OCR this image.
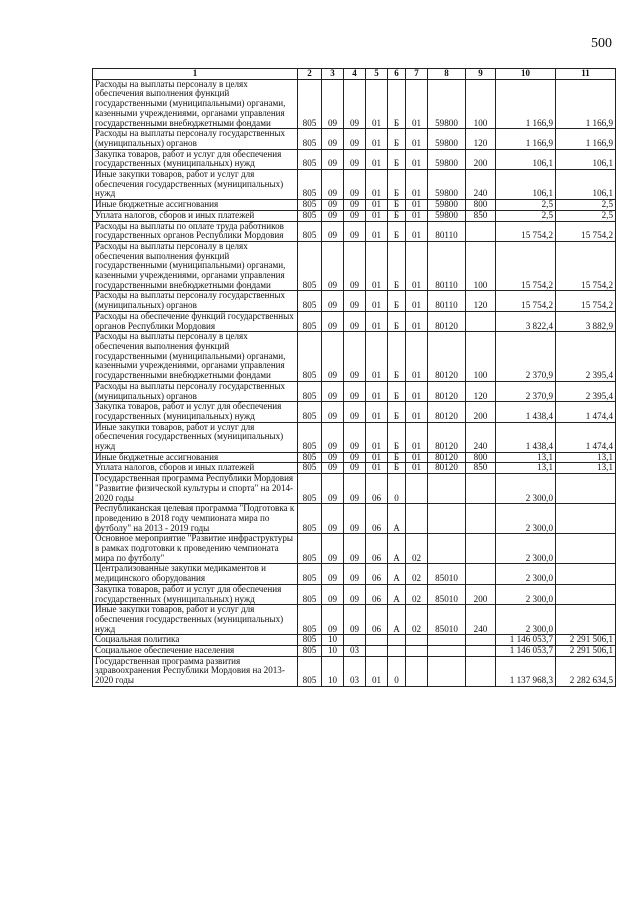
500
1	2	3	4	5	6	7	8	9	10	11
Расходы на выплаты персоналу в целях обеспечения выполнения функций государственными (муниципальными) органами, казенными учреждениями, органами управления государственными внебюджетными фондами	805	09	09	01	Б	01	59800	100	1 166,9	1 166,9
Расходы на выплаты персоналу государственных (муниципальных) органов	805	09	09	01	Б	01	59800	120	1 166,9	1 166,9
Закупка товаров, работ и услуг для обеспечения государственных (муниципальных) нужд	805	09	09	01	Б	01	59800	200	106,1	106,1
Иные закупки товаров, работ и услуг для обеспечения государственных (муниципальных) нужд	805	09	09	01	Б	01	59800	240	106,1	106,1
Иные бюджетные ассигнования	805	09	09	01	Б	01	59800	800	2,5	2,5
Уплата налогов, сборов и иных платежей	805	09	09	01	Б	01	59800	850	2,5	2,5
Расходы на выплаты по оплате труда работников государственных органов Республики Мордовия	805	09	09	01	Б	01	80110		15 754,2	15 754,2
Расходы на выплаты персоналу в целях обеспечения выполнения функций государственными (муниципальными) органами, казенными учреждениями, органами управления государственными внебюджетными фондами	805	09	09	01	Б	01	80110	100	15 754,2	15 754,2
Расходы на выплаты персоналу государственных (муниципальных) органов	805	09	09	01	Б	01	80110	120	15 754,2	15 754,2
Расходы на обеспечение функций государственных органов Республики Мордовия	805	09	09	01	Б	01	80120		3 822,4	3 882,9
Расходы на выплаты персоналу в целях обеспечения выполнения функций государственными (муниципальными) органами, казенными учреждениями, органами управления государственными внебюджетными фондами	805	09	09	01	Б	01	80120	100	2 370,9	2 395,4
Расходы на выплаты персоналу государственных (муниципальных) органов	805	09	09	01	Б	01	80120	120	2 370,9	2 395,4
Закупка товаров, работ и услуг для обеспечения государственных (муниципальных) нужд	805	09	09	01	Б	01	80120	200	1 438,4	1 474,4
Иные закупки товаров, работ и услуг для обеспечения государственных (муниципальных) нужд	805	09	09	01	Б	01	80120	240	1 438,4	1 474,4
Иные бюджетные ассигнования	805	09	09	01	Б	01	80120	800	13,1	13,1
Уплата налогов, сборов и иных платежей	805	09	09	01	Б	01	80120	850	13,1	13,1
Государственная программа Республики Мордовия "Развитие физической культуры и спорта" на 2014-2020 годы	805	09	09	06	0				2 300,0	
Республиканская целевая программа "Подготовка к проведению в 2018 году чемпионата мира по футболу" на 2013 - 2019 годы	805	09	09	06	А				2 300,0	
Основное мероприятие "Развитие инфраструктуры в рамках подготовки к проведению чемпионата мира по футболу"	805	09	09	06	А	02			2 300,0	
Централизованные закупки медикаментов и медицинского оборудования	805	09	09	06	А	02	85010		2 300,0	
Закупка товаров, работ и услуг для обеспечения государственных (муниципальных) нужд	805	09	09	06	А	02	85010	200	2 300,0	
Иные закупки товаров, работ и услуг для обеспечения государственных (муниципальных) нужд	805	09	09	06	А	02	85010	240	2 300,0	
Социальная политика	805	10							1 146 053,7	2 291 506,1
Социальное обеспечение населения	805	10	03						1 146 053,7	2 291 506,1
Государственная программа развития здравоохранения Республики Мордовия на 2013-2020 годы	805	10	03	01	0				1 137 968,3	2 282 634,5
